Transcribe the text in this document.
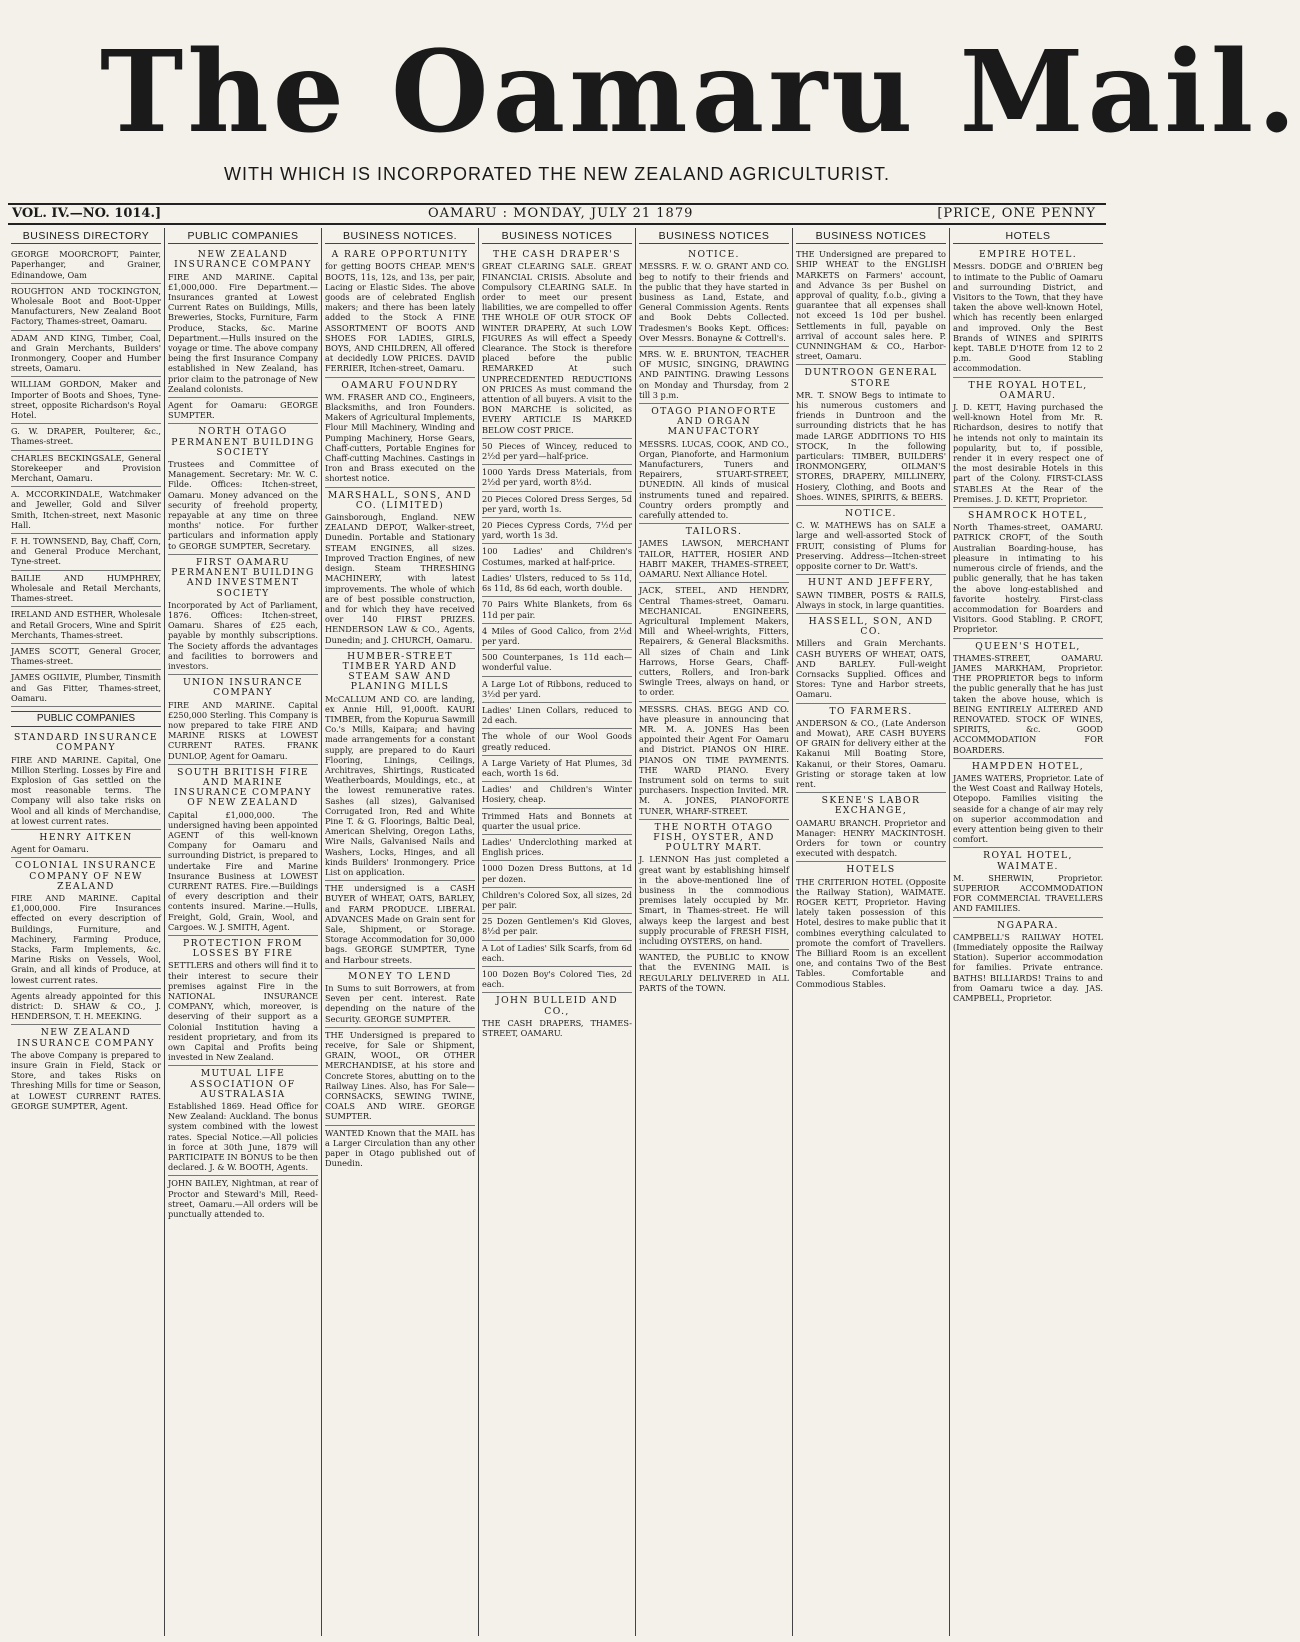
The Oamaru Mail.
WITH WHICH IS INCORPORATED THE NEW ZEALAND AGRICULTURIST.
VOL. IV.—NO. 1014.]	OAMARU : MONDAY, JULY 21 1879	[PRICE, ONE PENNY
BUSINESS DIRECTORY
GEORGE MOORCROFT, Painter, Paperhanger, and Grainer, Edinandowe, Oam
ROUGHTON AND TOCKINGTON, Wholesale Boot and Boot-Upper Manufacturers, New Zealand Boot Factory, Thames-street, Oamaru.
ADAM AND KING, Timber, Coal, and Grain Merchants, Builders' Ironmongery, Cooper and Humber streets, Oamaru.
WILLIAM GORDON, Maker and Importer of Boots and Shoes, Tyne-street, opposite Richardson's Royal Hotel.
G. W. DRAPER, Poulterer, &c., Thames-street.
CHARLES BECKINGSALE, General Storekeeper and Provision Merchant, Oamaru.
A. MCCORKINDALE, Watchmaker and Jeweller, Gold and Silver Smith, Itchen-street, next Masonic Hall.
F. H. TOWNSEND, Bay, Chaff, Corn, and General Produce Merchant, Tyne-street.
BAILIE AND HUMPHREY, Wholesale and Retail Merchants, Thames-street.
IRELAND AND ESTHER, Wholesale and Retail Grocers, Wine and Spirit Merchants, Thames-street.
JAMES SCOTT, General Grocer, Thames-street.
JAMES OGILVIE, Plumber, Tinsmith and Gas Fitter, Thames-street, Oamaru.
PUBLIC COMPANIES
STANDARD INSURANCE COMPANY
FIRE AND MARINE. Capital, One Million Sterling. Losses by Fire and Explosion of Gas settled on the most reasonable terms. The Company will also take risks on Wool and all kinds of Merchandise, at lowest current rates.
HENRY AITKEN
Agent for Oamaru.
COLONIAL INSURANCE COMPANY OF NEW ZEALAND
FIRE AND MARINE. Capital £1,000,000. Fire Insurances effected on every description of Buildings, Furniture, and Machinery, Farming Produce, Stacks, Farm Implements, &c. Marine Risks on Vessels, Wool, Grain, and all kinds of Produce, at lowest current rates.
Agents already appointed for this district: D. SHAW & CO., J. HENDERSON, T. H. MEEKING.
NEW ZEALAND INSURANCE COMPANY
The above Company is prepared to insure Grain in Field, Stack or Store, and takes Risks on Threshing Mills for time or Season, at LOWEST CURRENT RATES. GEORGE SUMPTER, Agent.
PUBLIC COMPANIES
NEW ZEALAND INSURANCE COMPANY
FIRE AND MARINE. Capital £1,000,000. Fire Department.—Insurances granted at Lowest Current Rates on Buildings, Mills, Breweries, Stocks, Furniture, Farm Produce, Stacks, &c. Marine Department.—Hulls insured on the voyage or time. The above company being the first Insurance Company established in New Zealand, has prior claim to the patronage of New Zealand colonists.
Agent for Oamaru: GEORGE SUMPTER.
NORTH OTAGO PERMANENT BUILDING SOCIETY
Trustees and Committee of Management. Secretary: Mr. W. C. Filde. Offices: Itchen-street, Oamaru. Money advanced on the security of freehold property, repayable at any time on three months' notice. For further particulars and information apply to GEORGE SUMPTER, Secretary.
FIRST OAMARU PERMANENT BUILDING AND INVESTMENT SOCIETY
Incorporated by Act of Parliament, 1876. Offices: Itchen-street, Oamaru. Shares of £25 each, payable by monthly subscriptions. The Society affords the advantages and facilities to borrowers and investors.
UNION INSURANCE COMPANY
FIRE AND MARINE. Capital £250,000 Sterling. This Company is now prepared to take FIRE AND MARINE RISKS at LOWEST CURRENT RATES. FRANK DUNLOP, Agent for Oamaru.
SOUTH BRITISH FIRE AND MARINE INSURANCE COMPANY OF NEW ZEALAND
Capital £1,000,000. The undersigned having been appointed AGENT of this well-known Company for Oamaru and surrounding District, is prepared to undertake Fire and Marine Insurance Business at LOWEST CURRENT RATES. Fire.—Buildings of every description and their contents insured. Marine.—Hulls, Freight, Gold, Grain, Wool, and Cargoes. W. J. SMITH, Agent.
PROTECTION FROM LOSSES BY FIRE
SETTLERS and others will find it to their interest to secure their premises against Fire in the NATIONAL INSURANCE COMPANY, which, moreover, is deserving of their support as a Colonial Institution having a resident proprietary, and from its own Capital and Profits being invested in New Zealand.
MUTUAL LIFE ASSOCIATION OF AUSTRALASIA
Established 1869. Head Office for New Zealand: Auckland. The bonus system combined with the lowest rates. Special Notice.—All policies in force at 30th June, 1879 will PARTICIPATE IN BONUS to be then declared. J. & W. BOOTH, Agents.
JOHN BAILEY, Nightman, at rear of Proctor and Steward's Mill, Reed-street, Oamaru.—All orders will be punctually attended to.
BUSINESS NOTICES.
A RARE OPPORTUNITY
for getting BOOTS CHEAP. MEN'S BOOTS, 11s, 12s, and 13s, per pair, Lacing or Elastic Sides. The above goods are of celebrated English makers; and there has been lately added to the Stock A FINE ASSORTMENT OF BOOTS AND SHOES FOR LADIES, GIRLS, BOYS, AND CHILDREN, All offered at decidedly LOW PRICES. DAVID FERRIER, Itchen-street, Oamaru.
OAMARU FOUNDRY
WM. FRASER AND CO., Engineers, Blacksmiths, and Iron Founders. Makers of Agricultural Implements, Flour Mill Machinery, Winding and Pumping Machinery, Horse Gears, Chaff-cutters, Portable Engines for Chaff-cutting Machines. Castings in Iron and Brass executed on the shortest notice.
MARSHALL, SONS, AND CO. (LIMITED)
Gainsborough, England. NEW ZEALAND DEPOT, Walker-street, Dunedin. Portable and Stationary STEAM ENGINES, all sizes. Improved Traction Engines, of new design. Steam THRESHING MACHINERY, with latest improvements. The whole of which are of best possible construction, and for which they have received over 140 FIRST PRIZES. HENDERSON LAW & CO., Agents, Dunedin; and J. CHURCH, Oamaru.
HUMBER-STREET TIMBER YARD AND STEAM SAW AND PLANING MILLS
McCALLUM AND CO. are landing, ex Annie Hill, 91,000ft. KAURI TIMBER, from the Kopurua Sawmill Co.'s Mills, Kaipara; and having made arrangements for a constant supply, are prepared to do Kauri Flooring, Linings, Ceilings, Architraves, Shirtings, Rusticated Weatherboards, Mouldings, etc., at the lowest remunerative rates. Sashes (all sizes), Galvanised Corrugated Iron, Red and White Pine T. & G. Floorings, Baltic Deal, American Shelving, Oregon Laths, Wire Nails, Galvanised Nails and Washers, Locks, Hinges, and all kinds Builders' Ironmongery. Price List on application.
THE undersigned is a CASH BUYER of WHEAT, OATS, BARLEY, and FARM PRODUCE. LIBERAL ADVANCES Made on Grain sent for Sale, Shipment, or Storage. Storage Accommodation for 30,000 bags. GEORGE SUMPTER, Tyne and Harbour streets.
MONEY TO LEND
In Sums to suit Borrowers, at from Seven per cent. interest. Rate depending on the nature of the Security. GEORGE SUMPTER.
THE Undersigned is prepared to receive, for Sale or Shipment, GRAIN, WOOL, OR OTHER MERCHANDISE, at his store and Concrete Stores, abutting on to the Railway Lines. Also, has For Sale—CORNSACKS, SEWING TWINE, COALS AND WIRE. GEORGE SUMPTER.
WANTED Known that the MAIL has a Larger Circulation than any other paper in Otago published out of Dunedin.
BUSINESS NOTICES
THE CASH DRAPER'S
GREAT CLEARING SALE. GREAT FINANCIAL CRISIS. Absolute and Compulsory CLEARING SALE. In order to meet our present liabilities, we are compelled to offer THE WHOLE OF OUR STOCK OF WINTER DRAPERY, At such LOW FIGURES As will effect a Speedy Clearance. The Stock is therefore placed before the public REMARKED At such UNPRECEDENTED REDUCTIONS ON PRICES As must command the attention of all buyers. A visit to the BON MARCHE is solicited, as EVERY ARTICLE IS MARKED BELOW COST PRICE.
50 Pieces of Wincey, reduced to 2½d per yard—half-price.
1000 Yards Dress Materials, from 2½d per yard, worth 8½d.
20 Pieces Colored Dress Serges, 5d per yard, worth 1s.
20 Pieces Cypress Cords, 7½d per yard, worth 1s 3d.
100 Ladies' and Children's Costumes, marked at half-price.
Ladies' Ulsters, reduced to 5s 11d, 6s 11d, 8s 6d each, worth double.
70 Pairs White Blankets, from 6s 11d per pair.
4 Miles of Good Calico, from 2½d per yard.
500 Counterpanes, 1s 11d each—wonderful value.
A Large Lot of Ribbons, reduced to 3½d per yard.
Ladies' Linen Collars, reduced to 2d each.
The whole of our Wool Goods greatly reduced.
A Large Variety of Hat Plumes, 3d each, worth 1s 6d.
Ladies' and Children's Winter Hosiery, cheap.
Trimmed Hats and Bonnets at quarter the usual price.
Ladies' Underclothing marked at English prices.
1000 Dozen Dress Buttons, at 1d per dozen.
Children's Colored Sox, all sizes, 2d per pair.
25 Dozen Gentlemen's Kid Gloves, 8½d per pair.
A Lot of Ladies' Silk Scarfs, from 6d each.
100 Dozen Boy's Colored Ties, 2d each.
JOHN BULLEID AND CO.,
THE CASH DRAPERS, THAMES-STREET, OAMARU.
BUSINESS NOTICES
NOTICE.
MESSRS. F. W. O. GRANT AND CO. beg to notify to their friends and the public that they have started in business as Land, Estate, and General Commission Agents. Rents and Book Debts Collected. Tradesmen's Books Kept. Offices: Over Messrs. Bonayne & Cottrell's.
MRS. W. E. BRUNTON, TEACHER OF MUSIC, SINGING, DRAWING AND PAINTING. Drawing Lessons on Monday and Thursday, from 2 till 3 p.m.
OTAGO PIANOFORTE AND ORGAN MANUFACTORY
MESSRS. LUCAS, COOK, AND CO., Organ, Pianoforte, and Harmonium Manufacturers, Tuners and Repairers, STUART-STREET, DUNEDIN. All kinds of musical instruments tuned and repaired. Country orders promptly and carefully attended to.
TAILORS.
JAMES LAWSON, MERCHANT TAILOR, HATTER, HOSIER AND HABIT MAKER, THAMES-STREET, OAMARU. Next Alliance Hotel.
JACK, STEEL, AND HENDRY, Central Thames-street, Oamaru. MECHANICAL ENGINEERS, Agricultural Implement Makers, Mill and Wheel-wrights, Fitters, Repairers, & General Blacksmiths. All sizes of Chain and Link Harrows, Horse Gears, Chaff-cutters, Rollers, and Iron-bark Swingle Trees, always on hand, or to order.
MESSRS. CHAS. BEGG AND CO. have pleasure in announcing that MR. M. A. JONES Has been appointed their Agent For Oamaru and District. PIANOS ON HIRE. PIANOS ON TIME PAYMENTS. THE WARD PIANO. Every Instrument sold on terms to suit purchasers. Inspection Invited. MR. M. A. JONES, PIANOFORTE TUNER, WHARF-STREET.
THE NORTH OTAGO FISH, OYSTER, AND POULTRY MART.
J. LENNON Has just completed a great want by establishing himself in the above-mentioned line of business in the commodious premises lately occupied by Mr. Smart, in Thames-street. He will always keep the largest and best supply procurable of FRESH FISH, including OYSTERS, on hand.
WANTED, the PUBLIC to KNOW that the EVENING MAIL is REGULARLY DELIVERED in ALL PARTS of the TOWN.
BUSINESS NOTICES
THE Undersigned are prepared to SHIP WHEAT to the ENGLISH MARKETS on Farmers' account, and Advance 3s per Bushel on approval of quality, f.o.b., giving a guarantee that all expenses shall not exceed 1s 10d per bushel. Settlements in full, payable on arrival of account sales here. P. CUNNINGHAM & CO., Harbor-street, Oamaru.
DUNTROON GENERAL STORE
MR. T. SNOW Begs to intimate to his numerous customers and friends in Duntroon and the surrounding districts that he has made LARGE ADDITIONS TO HIS STOCK, In the following particulars: TIMBER, BUILDERS' IRONMONGERY, OILMAN'S STORES, DRAPERY, MILLINERY, Hosiery, Clothing, and Boots and Shoes. WINES, SPIRITS, & BEERS.
NOTICE.
C. W. MATHEWS has on SALE a large and well-assorted Stock of FRUIT, consisting of Plums for Preserving. Address—Itchen-street opposite corner to Dr. Watt's.
HUNT AND JEFFERY,
SAWN TIMBER, POSTS & RAILS, Always in stock, in large quantities.
HASSELL, SON, AND CO.
Millers and Grain Merchants. CASH BUYERS OF WHEAT, OATS, AND BARLEY. Full-weight Cornsacks Supplied. Offices and Stores: Tyne and Harbor streets, Oamaru.
TO FARMERS.
ANDERSON & CO., (Late Anderson and Mowat), ARE CASH BUYERS OF GRAIN for delivery either at the Kakanui Mill Boating Store, Kakanui, or their Stores, Oamaru. Gristing or storage taken at low rent.
SKENE'S LABOR EXCHANGE,
OAMARU BRANCH. Proprietor and Manager: HENRY MACKINTOSH. Orders for town or country executed with despatch.
HOTELS
THE CRITERION HOTEL (Opposite the Railway Station), WAIMATE. ROGER KETT, Proprietor. Having lately taken possession of this Hotel, desires to make public that it combines everything calculated to promote the comfort of Travellers. The Billiard Room is an excellent one, and contains Two of the Best Tables. Comfortable and Commodious Stables.
HOTELS
EMPIRE HOTEL.
Messrs. DODGE and O'BRIEN beg to intimate to the Public of Oamaru and surrounding District, and Visitors to the Town, that they have taken the above well-known Hotel, which has recently been enlarged and improved. Only the Best Brands of WINES and SPIRITS kept. TABLE D'HOTE from 12 to 2 p.m. Good Stabling accommodation.
THE ROYAL HOTEL, OAMARU.
J. D. KETT, Having purchased the well-known Hotel from Mr. R. Richardson, desires to notify that he intends not only to maintain its popularity, but to, if possible, render it in every respect one of the most desirable Hotels in this part of the Colony. FIRST-CLASS STABLES At the Rear of the Premises. J. D. KETT, Proprietor.
SHAMROCK HOTEL,
North Thames-street, OAMARU. PATRICK CROFT, of the South Australian Boarding-house, has pleasure in intimating to his numerous circle of friends, and the public generally, that he has taken the above long-established and favorite hostelry. First-class accommodation for Boarders and Visitors. Good Stabling. P. CROFT, Proprietor.
QUEEN'S HOTEL,
THAMES-STREET, OAMARU. JAMES MARKHAM, Proprietor. THE PROPRIETOR begs to inform the public generally that he has just taken the above house, which is BEING ENTIRELY ALTERED AND RENOVATED. STOCK OF WINES, SPIRITS, &c. GOOD ACCOMMODATION FOR BOARDERS.
HAMPDEN HOTEL,
JAMES WATERS, Proprietor. Late of the West Coast and Railway Hotels, Otepopo. Families visiting the seaside for a change of air may rely on superior accommodation and every attention being given to their comfort.
ROYAL HOTEL, WAIMATE.
M. SHERWIN, Proprietor. SUPERIOR ACCOMMODATION FOR COMMERCIAL TRAVELLERS AND FAMILIES.
NGAPARA.
CAMPBELL'S RAILWAY HOTEL (Immediately opposite the Railway Station). Superior accommodation for families. Private entrance. BATHS! BILLIARDS! Trains to and from Oamaru twice a day. JAS. CAMPBELL, Proprietor.
